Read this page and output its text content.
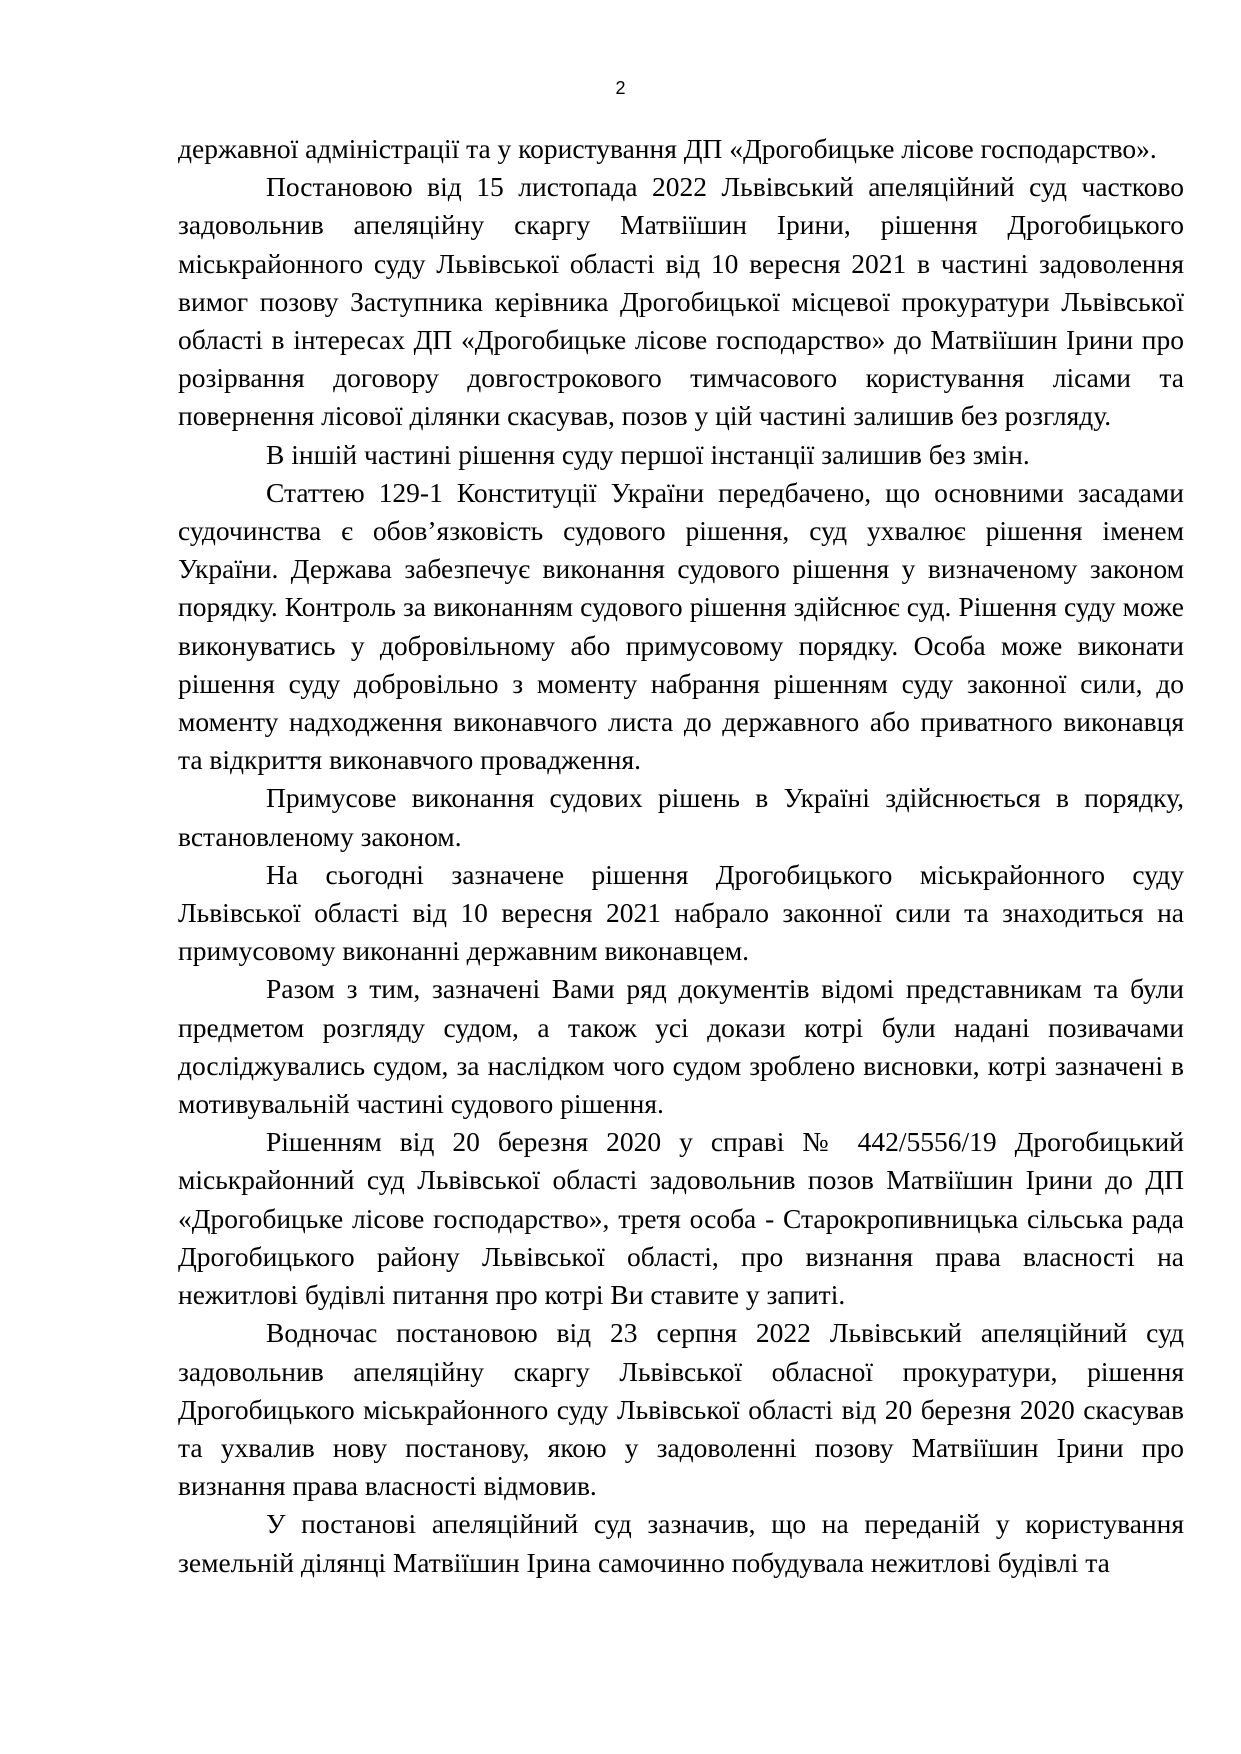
2

державної адміністрації та у користування ДП «Дрогобицьке лісове господарство».

Постановою від 15 листопада 2022 Львівський апеляційний суд частково задовольнив апеляційну скаргу Матвіїшин Ірини, рішення Дрогобицького міськрайонного суду Львівської області від 10 вересня 2021 в частині задоволення вимог позову Заступника керівника Дрогобицької місцевої прокуратури Львівської області в інтересах ДП «Дрогобицьке лісове господарство» до Матвіїшин Ірини про розірвання договору довгострокового тимчасового користування лісами та повернення лісової ділянки скасував, позов у цій частині залишив без розгляду.

В іншій частині рішення суду першої інстанції залишив без змін.

Статтею 129-1 Конституції України передбачено, що основними засадами судочинства є обов’язковість судового рішення, суд ухвалює рішення іменем України. Держава забезпечує виконання судового рішення у визначеному законом порядку. Контроль за виконанням судового рішення здійснює суд. Рішення суду може виконуватись у добровільному або примусовому порядку. Особа може виконати рішення суду добровільно з моменту набрання рішенням суду законної сили, до моменту надходження виконавчого листа до державного або приватного виконавця та відкриття виконавчого провадження.

Примусове виконання судових рішень в Україні здійснюється в порядку, встановленому законом.

На сьогодні зазначене рішення Дрогобицького міськрайонного суду Львівської області від 10 вересня 2021 набрало законної сили та знаходиться на примусовому виконанні державним виконавцем.

Разом з тим, зазначені Вами ряд документів відомі представникам та були предметом розгляду судом, а також усі докази котрі були надані позивачами досліджувались судом, за наслідком чого судом зроблено висновки, котрі зазначені в мотивувальній частині судового рішення.

Рішенням від 20 березня 2020 у справі № 442/5556/19 Дрогобицький міськрайонний суд Львівської області задовольнив позов Матвіїшин Ірини до ДП «Дрогобицьке лісове господарство», третя особа - Старокропивницька сільська рада Дрогобицького району Львівської області, про визнання права власності на нежитлові будівлі питання про котрі Ви ставите у запиті.

Водночас постановою від 23 серпня 2022 Львівський апеляційний суд задовольнив апеляційну скаргу Львівської обласної прокуратури, рішення Дрогобицького міськрайонного суду Львівської області від 20 березня 2020 скасував та ухвалив нову постанову, якою у задоволенні позову Матвіїшин Ірини про визнання права власності відмовив.

У постанові апеляційний суд зазначив, що на переданій у користування земельній ділянці Матвіїшин Ірина самочинно побудувала нежитлові будівлі та
